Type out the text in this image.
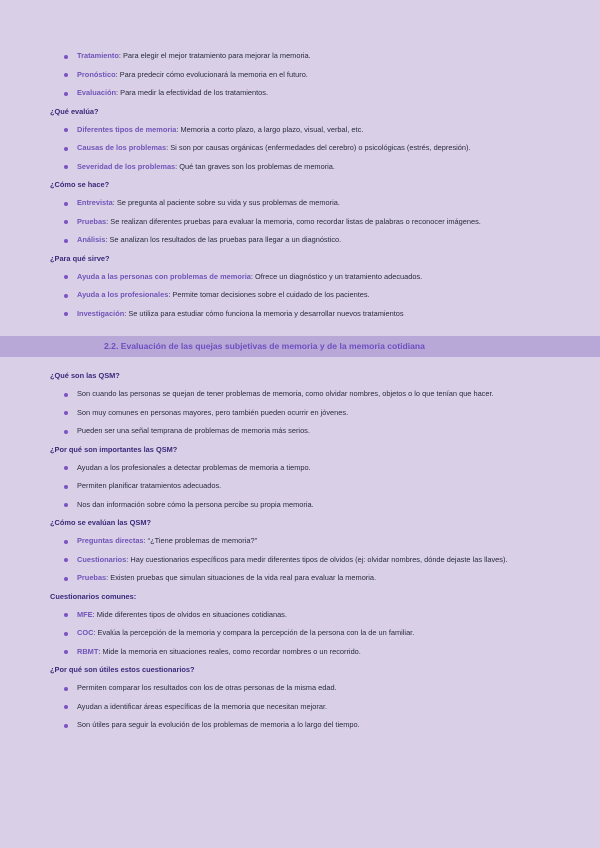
Tratamiento: Para elegir el mejor tratamiento para mejorar la memoria.
Pronóstico: Para predecir cómo evolucionará la memoria en el futuro.
Evaluación: Para medir la efectividad de los tratamientos.
¿Qué evalúa?
Diferentes tipos de memoria: Memoria a corto plazo, a largo plazo, visual, verbal, etc.
Causas de los problemas: Si son por causas orgánicas (enfermedades del cerebro) o psicológicas (estrés, depresión).
Severidad de los problemas: Qué tan graves son los problemas de memoria.
¿Cómo se hace?
Entrevista: Se pregunta al paciente sobre su vida y sus problemas de memoria.
Pruebas: Se realizan diferentes pruebas para evaluar la memoria, como recordar listas de palabras o reconocer imágenes.
Análisis: Se analizan los resultados de las pruebas para llegar a un diagnóstico.
¿Para qué sirve?
Ayuda a las personas con problemas de memoria: Ofrece un diagnóstico y un tratamiento adecuados.
Ayuda a los profesionales: Permite tomar decisiones sobre el cuidado de los pacientes.
Investigación: Se utiliza para estudiar cómo funciona la memoria y desarrollar nuevos tratamientos
2.2. Evaluación de las quejas subjetivas de memoria y de la memoria cotidiana
¿Qué son las QSM?
Son cuando las personas se quejan de tener problemas de memoria, como olvidar nombres, objetos o lo que tenían que hacer.
Son muy comunes en personas mayores, pero también pueden ocurrir en jóvenes.
Pueden ser una señal temprana de problemas de memoria más serios.
¿Por qué son importantes las QSM?
Ayudan a los profesionales a detectar problemas de memoria a tiempo.
Permiten planificar tratamientos adecuados.
Nos dan información sobre cómo la persona percibe su propia memoria.
¿Cómo se evalúan las QSM?
Preguntas directas: “¿Tiene problemas de memoria?”
Cuestionarios: Hay cuestionarios específicos para medir diferentes tipos de olvidos (ej: olvidar nombres, dónde dejaste las llaves).
Pruebas: Existen pruebas que simulan situaciones de la vida real para evaluar la memoria.
Cuestionarios comunes:
MFE: Mide diferentes tipos de olvidos en situaciones cotidianas.
COC: Evalúa la percepción de la memoria y compara la percepción de la persona con la de un familiar.
RBMT: Mide la memoria en situaciones reales, como recordar nombres o un recorrido.
¿Por qué son útiles estos cuestionarios?
Permiten comparar los resultados con los de otras personas de la misma edad.
Ayudan a identificar áreas específicas de la memoria que necesitan mejorar.
Son útiles para seguir la evolución de los problemas de memoria a lo largo del tiempo.
